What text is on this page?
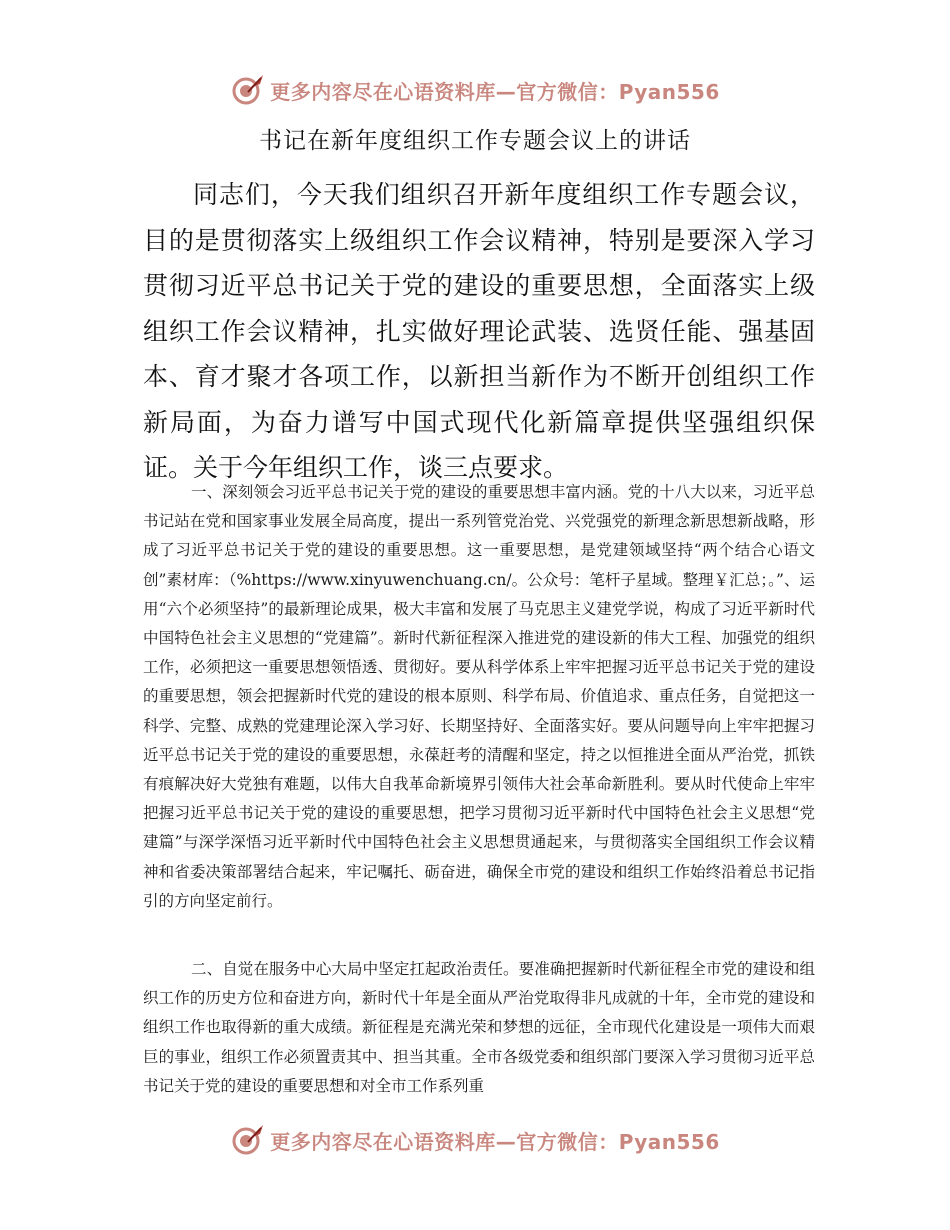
更多内容尽在心语资料库—官方微信：Pyan556
书记在新年度组织工作专题会议上的讲话

同志们，今天我们组织召开新年度组织工作专题会议，目的是贯彻落实上级组织工作会议精神，特别是要深入学习贯彻习近平总书记关于党的建设的重要思想，全面落实上级组织工作会议精神，扎实做好理论武装、选贤任能、强基固本、育才聚才各项工作，以新担当新作为不断开创组织工作新局面，为奋力谱写中国式现代化新篇章提供坚强组织保证。关于今年组织工作，谈三点要求。

一、深刻领会习近平总书记关于党的建设的重要思想丰富内涵。党的十八大以来，习近平总书记站在党和国家事业发展全局高度，提出一系列管党治党、兴党强党的新理念新思想新战略，形成了习近平总书记关于党的建设的重要思想。这一重要思想，是党建领域坚持“两个结合心语文创”素材库：（%https://www.xinyuwenchuang.cn/。公众号：笔杆子星域。整理￥汇总；。”、运用“六个必须坚持”的最新理论成果，极大丰富和发展了马克思主义建党学说，构成了习近平新时代中国特色社会主义思想的“党建篇”。新时代新征程深入推进党的建设新的伟大工程、加强党的组织工作，必须把这一重要思想领悟透、贯彻好。要从科学体系上牢牢把握习近平总书记关于党的建设的重要思想，领会把握新时代党的建设的根本原则、科学布局、价值追求、重点任务，自觉把这一科学、完整、成熟的党建理论深入学习好、长期坚持好、全面落实好。要从问题导向上牢牢把握习近平总书记关于党的建设的重要思想，永葆赶考的清醒和坚定，持之以恒推进全面从严治党，抓铁有痕解决好大党独有难题，以伟大自我革命新境界引领伟大社会革命新胜利。要从时代使命上牢牢把握习近平总书记关于党的建设的重要思想，把学习贯彻习近平新时代中国特色社会主义思想“党建篇”与深学深悟习近平新时代中国特色社会主义思想贯通起来，与贯彻落实全国组织工作会议精神和省委决策部署结合起来，牢记嘱托、砺奋进，确保全市党的建设和组织工作始终沿着总书记指引的方向坚定前行。

二、自觉在服务中心大局中坚定扛起政治责任。要准确把握新时代新征程全市党的建设和组织工作的历史方位和奋进方向，新时代十年是全面从严治党取得非凡成就的十年，全市党的建设和组织工作也取得新的重大成绩。新征程是充满光荣和梦想的远征，全市现代化建设是一项伟大而艰巨的事业，组织工作必须置责其中、担当其重。全市各级党委和组织部门要深入学习贯彻习近平总书记关于党的建设的重要思想和对全市工作系列重

更多内容尽在心语资料库—官方微信：Pyan556
